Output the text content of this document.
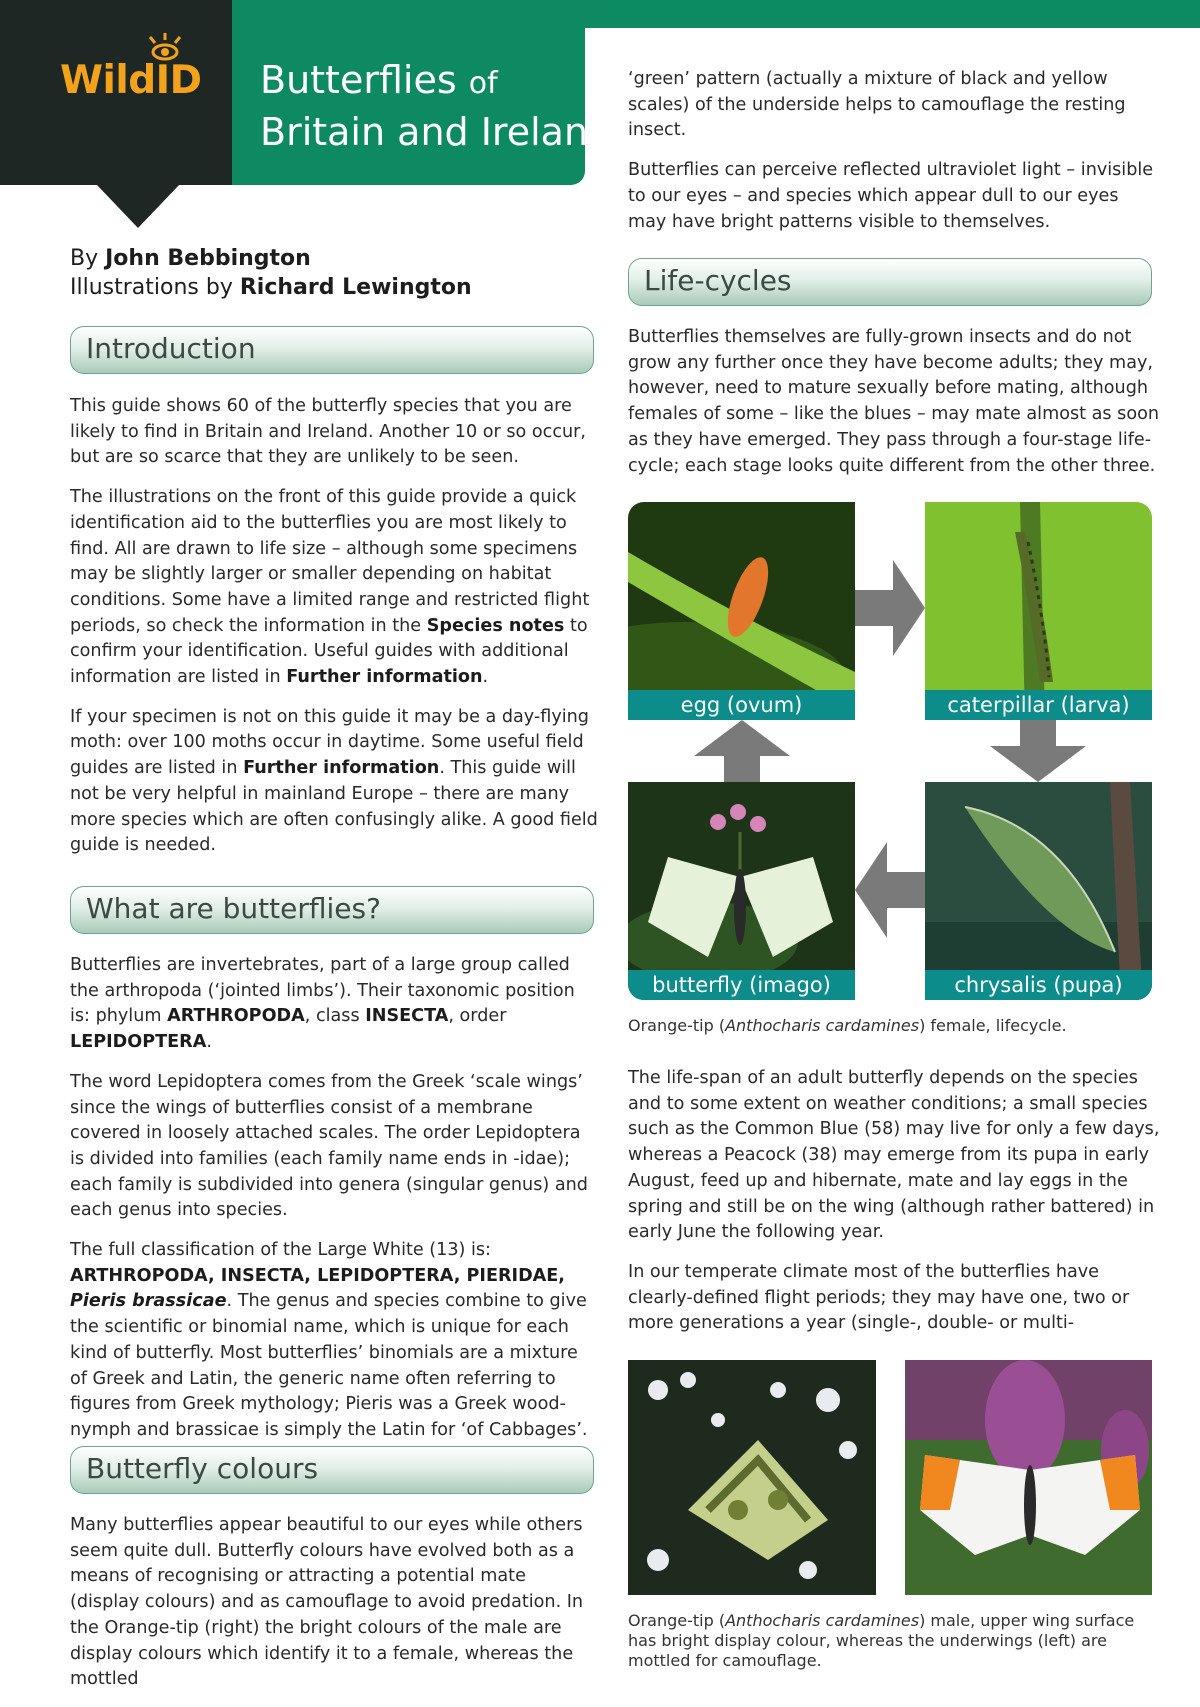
WildID Butterflies of
Britain and Ireland
By John Bebbington
Illustrations by Richard Lewington
Introduction

This guide shows 60 of the butterfly species that you are likely to find in Britain and Ireland. Another 10 or so occur, but are so scarce that they are unlikely to be seen.

The illustrations on the front of this guide provide a quick identification aid to the butterflies you are most likely to find. All are drawn to life size – although some specimens may be slightly larger or smaller depending on habitat conditions. Some have a limited range and restricted flight periods, so check the information in the Species notes to confirm your identification. Useful guides with additional information are listed in Further information.

If your specimen is not on this guide it may be a day-flying moth: over 100 moths occur in daytime. Some useful field guides are listed in Further information. This guide will not be very helpful in mainland Europe – there are many more species which are often confusingly alike. A good field guide is needed.

What are butterflies?

Butterflies are invertebrates, part of a large group called the arthropoda (‘jointed limbs’). Their taxonomic position is: phylum ARTHROPODA, class INSECTA, order LEPIDOPTERA.

The word Lepidoptera comes from the Greek ‘scale wings’ since the wings of butterflies consist of a membrane covered in loosely attached scales. The order Lepidoptera is divided into families (each family name ends in -idae); each family is subdivided into genera (singular genus) and each genus into species.

The full classification of the Large White (13) is: ARTHROPODA, INSECTA, LEPIDOPTERA, PIERIDAE, Pieris brassicae. The genus and species combine to give the scientific or binomial name, which is unique for each kind of butterfly. Most butterflies’ binomials are a mixture of Greek and Latin, the generic name often referring to figures from Greek mythology; Pieris was a Greek wood-nymph and brassicae is simply the Latin for ‘of Cabbages’.

Butterfly colours

Many butterflies appear beautiful to our eyes while others seem quite dull. Butterfly colours have evolved both as a means of recognising or attracting a potential mate (display colours) and as camouflage to avoid predation. In the Orange-tip (right) the bright colours of the male are display colours which identify it to a female, whereas the mottled

‘green’ pattern (actually a mixture of black and yellow scales) of the underside helps to camouflage the resting insect.

Butterflies can perceive reflected ultraviolet light – invisible to our eyes – and species which appear dull to our eyes may have bright patterns visible to themselves.

Life-cycles

Butterflies themselves are fully-grown insects and do not grow any further once they have become adults; they may, however, need to mature sexually before mating, although females of some – like the blues – may mate almost as soon as they have emerged. They pass through a four-stage life-cycle; each stage looks quite different from the other three.

egg (ovum)	caterpillar (larva)
butterfly (imago)	chrysalis (pupa)
Orange-tip (Anthocharis cardamines) female, lifecycle.

The life-span of an adult butterfly depends on the species and to some extent on weather conditions; a small species such as the Common Blue (58) may live for only a few days, whereas a Peacock (38) may emerge from its pupa in early August, feed up and hibernate, mate and lay eggs in the spring and still be on the wing (although rather battered) in early June the following year.

In our temperate climate most of the butterflies have clearly-defined flight periods; they may have one, two or more generations a year (single-, double- or multi-

Orange-tip (Anthocharis cardamines) male, upper wing surface has bright display colour, whereas the underwings (left) are mottled for camouflage.
